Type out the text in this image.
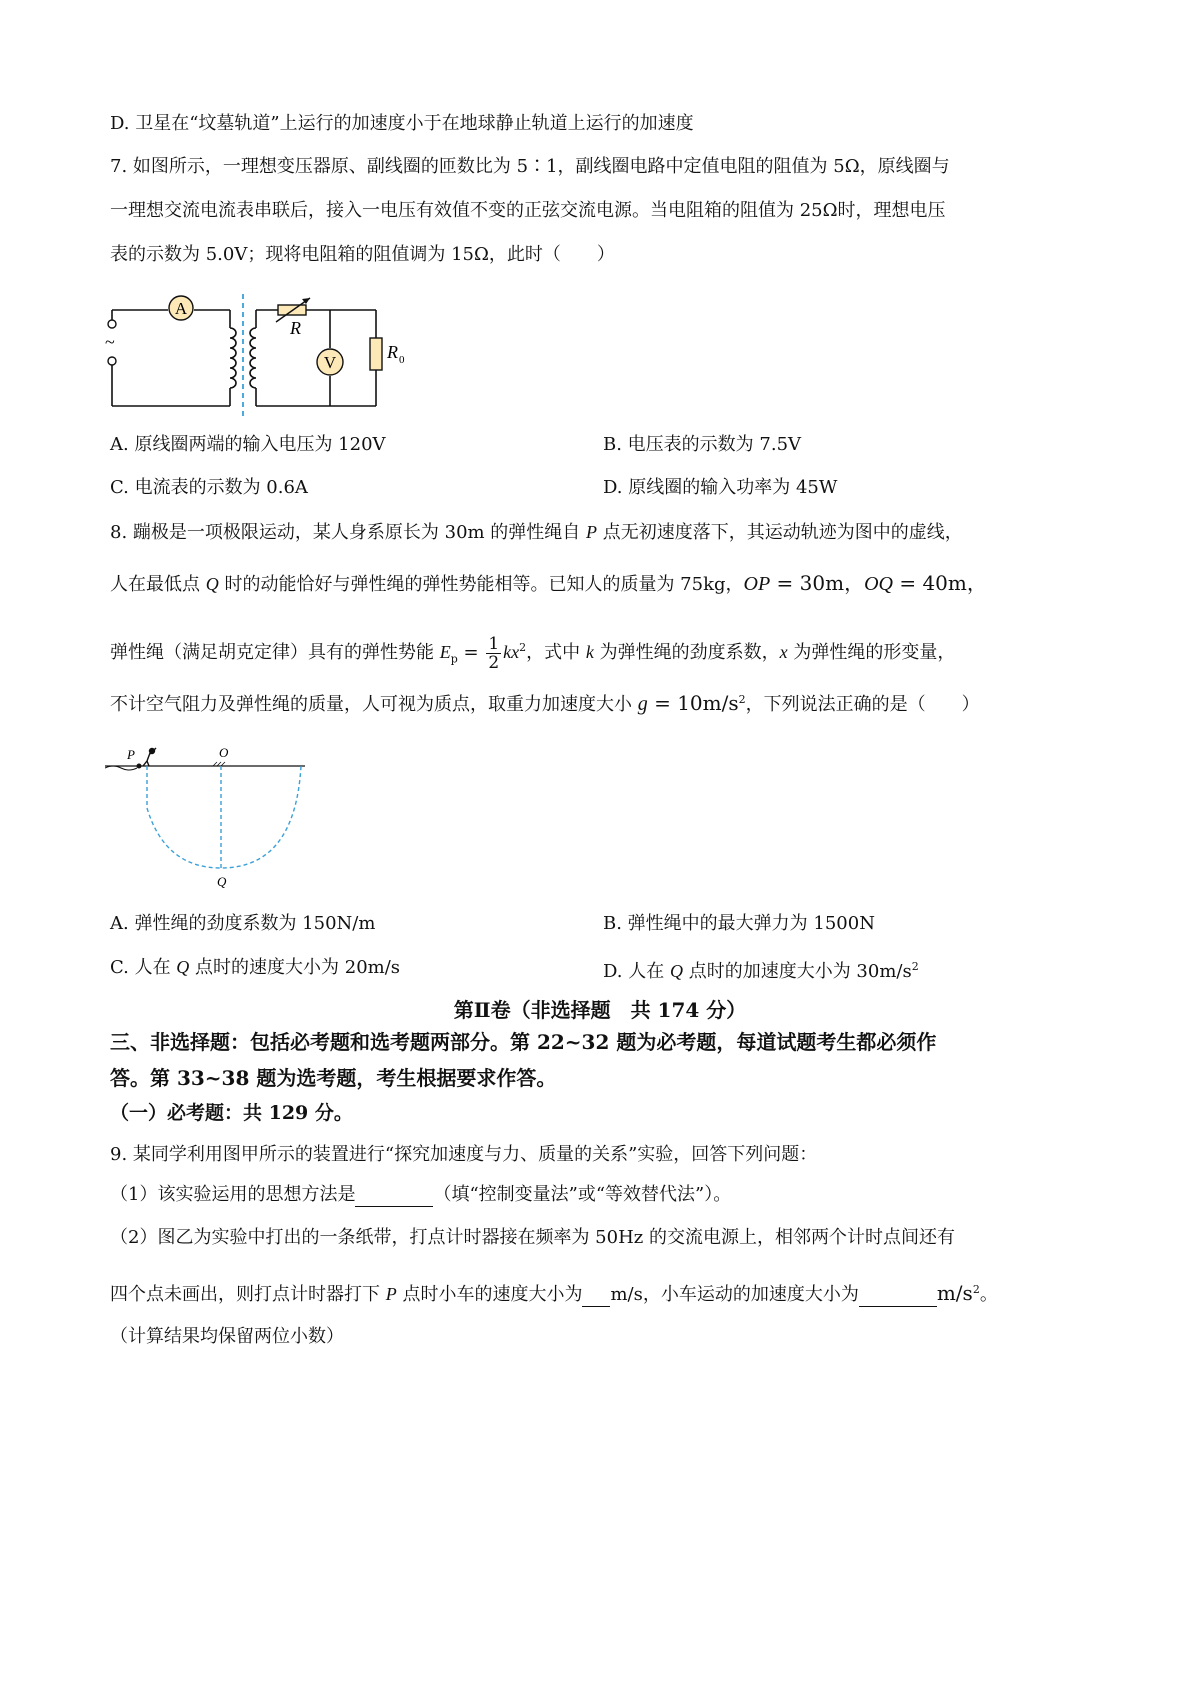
D. 卫星在“坟墓轨道”上运行的加速度小于在地球静止轨道上运行的加速度
7. 如图所示，一理想变压器原、副线圈的匝数比为 5∶1，副线圈电路中定值电阻的阻值为 5Ω，原线圈与
一理想交流电流表串联后，接入一电压有效值不变的正弦交流电源。当电阻箱的阻值为 25Ω时，理想电压
表的示数为 5.0V；现将电阻箱的阻值调为 15Ω，此时（　　）
~
A
R
V
R 0
A. 原线圈两端的输入电压为 120V	B. 电压表的示数为 7.5V
C. 电流表的示数为 0.6A	D. 原线圈的输入功率为 45W
8. 蹦极是一项极限运动，某人身系原长为 30m 的弹性绳自 P 点无初速度落下，其运动轨迹为图中的虚线，
人在最低点 Q 时的动能恰好与弹性绳的弹性势能相等。已知人的质量为 75kg，OP = 30m，OQ = 40m，
弹性绳（满足胡克定律）具有的弹性势能 $E_p = \frac{1}{2} kx^2$，式中 k 为弹性绳的劲度系数，x 为弹性绳的形变量，
不计空气阻力及弹性绳的质量，人可视为质点，取重力加速度大小 $g = 10m/s^2$，下列说法正确的是（　　）
P	O
Q
A. 弹性绳的劲度系数为 150N/m	B. 弹性绳中的最大弹力为 1500N
C. 人在 Q 点时的速度大小为 20m/s	D. 人在 Q 点时的加速度大小为 $30m/s^2$
第Ⅱ卷（非选择题　共 174 分）
三、非选择题：包括必考题和选考题两部分。第 22~32 题为必考题，每道试题考生都必须作
答。第 33~38 题为选考题，考生根据要求作答。
（一）必考题：共 129 分。
9. 某同学利用图甲所示的装置进行“探究加速度与力、质量的关系”实验，回答下列问题：
（1）该实验运用的思想方法是	（填“控制变量法”或“等效替代法”）。
（2）图乙为实验中打出的一条纸带，打点计时器接在频率为 50Hz 的交流电源上，相邻两个计时点间还有
四个点未画出，则打点计时器打下 P 点时小车的速度大小为 m/s，小车运动的加速度大小为	$m/s^2$。
（计算结果均保留两位小数）
